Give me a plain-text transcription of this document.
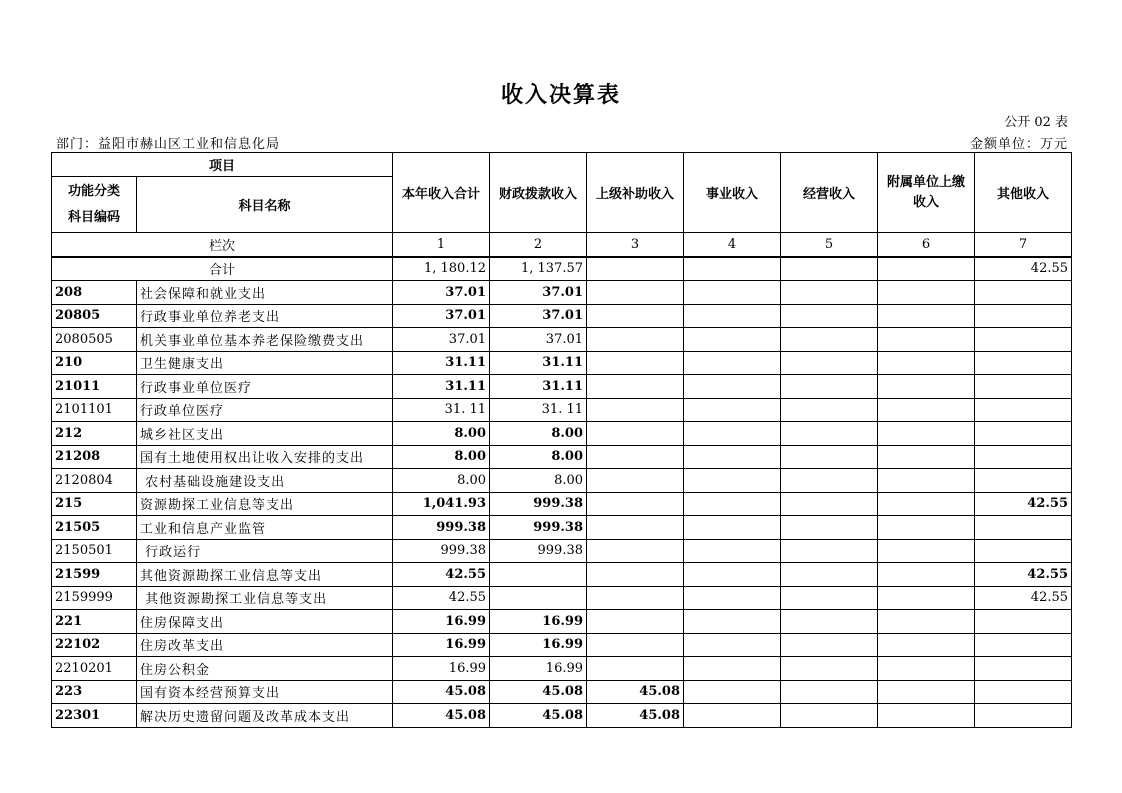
收入决算表
公开 02 表
部门：益阳市赫山区工业和信息化局	金额单位：万元
项目		本年收入合计	财政拨款收入	上级补助收入	事业收入	经营收入	附属单位上缴收入	其他收入
功能分类科目编码	科目名称							
栏次		1	2	3	4	5	6	7
合计		1, 180.12	1, 137.57					42.55
208	社会保障和就业支出	37.01	37.01					
20805	行政事业单位养老支出	37.01	37.01					
2080505	机关事业单位基本养老保险缴费支出	37.01	37.01					
210	卫生健康支出	31.11	31.11					
21011	行政事业单位医疗	31.11	31.11					
2101101	行政单位医疗	31. 11	31. 11					
212	城乡社区支出	8.00	8.00					
21208	国有土地使用权出让收入安排的支出	8.00	8.00					
2120804	农村基础设施建设支出	8.00	8.00					
215	资源勘探工业信息等支出	1,041.93	999.38					42.55
21505	工业和信息产业监管	999.38	999.38					
2150501	行政运行	999.38	999.38					
21599	其他资源勘探工业信息等支出	42.55						42.55
2159999	其他资源勘探工业信息等支出	42.55						42.55
221	住房保障支出	16.99	16.99					
22102	住房改革支出	16.99	16.99					
2210201	住房公积金	16.99	16.99					
223	国有资本经营预算支出	45.08	45.08	45.08				
22301	解决历史遗留问题及改革成本支出	45.08	45.08	45.08				
